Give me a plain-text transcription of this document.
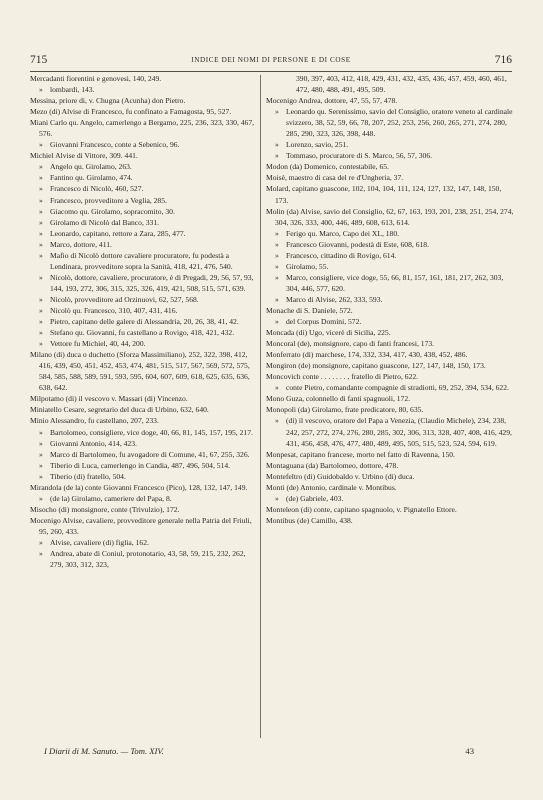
715	INDICE DEI NOMI DI PERSONE E DI COSE	716

Mercadanti fiorentini e genovesi, 140, 249.

» lombardi, 143.

Messina, priore di, v. Chugna (Acunha) don Pietro.

Mezo (di) Alvise di Francesco, fu confinato a Famagosta, 95, 527.

Miani Carlo qu. Angelo, camerlengo a Bergamo, 225, 236, 323, 330, 467, 576.

» Giovanni Francesco, conte a Sebenico, 96.

Michiel Alvise di Vittore, 309. 441.

» Angelo qu. Girolamo, 263.

» Fantino qu. Girolamo, 474.

» Francesco di Nicolò, 460, 527.

» Francesco, provveditore a Veglia, 285.

» Giacomo qu. Girolamo, sopracomito, 30.

» Girolamo di Nicolò dal Banco, 331.

» Leonardo, capitano, rettore a Zara, 285, 477.

» Marco, dottore, 411.

» Mafio di Nicolò dottore cavaliere procuratore, fu podestà a Lendinara, provveditore sopra la Sanità, 418, 421, 476, 540.

» Nicolò, dottore, cavaliere, procuratore, è di Pregadi, 29, 56, 57, 93, 144, 193, 272, 306, 315, 325, 326, 419, 421, 508, 515, 571, 639.

» Nicolò, provveditore ad Orzinuovi, 62, 527, 568.

» Nicolò qu. Francesco, 310, 407, 431, 416.

» Pietro, capitano delle galere di Alessandria, 20, 26, 38, 41, 42.

» Stefano qu. Giovanni, fu castellano a Rovigo, 418, 421, 432.

» Vettore fu Michiel, 40, 44, 200.

Milano (di) duca o duchetto (Sforza Massimiliano), 252, 322, 398, 412, 416, 439, 450, 451, 452, 453, 474, 481, 515, 517, 567, 569, 572, 575, 584, 585, 588, 589, 591, 593, 595, 604, 607, 609, 618, 625, 635, 636, 638, 642.

Milpotamo (di) il vescovo v. Massari (di) Vincenzo.

Miniatello Cesare, segretario del duca di Urbino, 632, 640.

Minio Alessandro, fu castellano, 207, 233.

» Bartolomeo, consigliere, vice doge, 40, 66, 81, 145, 157, 195, 217.

» Giovanni Antonio, 414, 423.

» Marco di Bartolomeo, fu avogadore di Comune, 41, 67, 255, 326.

» Tiberio di Luca, camerlengo in Candia, 487, 496, 504, 514.

» Tiberio (di) fratello, 504.

Mirandola (de la) conte Giovanni Francesco (Pico), 128, 132, 147, 149.

» (de la) Girolamo, cameriere del Papa, 8.

Misocho (di) monsignore, conte (Trivulzio), 172.

Mocenigo Alvise, cavaliere, provveditore generale nella Patria del Friuli, 95, 260, 433.

» Alvise, cavaliere (di) figlia, 162.

» Andrea, abate di Coniul, protonotario, 43, 58, 59, 215, 232, 262, 279, 303, 312, 323,

390, 397, 403, 412, 418, 429, 431, 432, 435, 436, 457, 459, 460, 461, 472, 480, 488, 491, 495, 509.

Mocenigo Andrea, dottore, 47, 55, 57, 478.

» Leonardo qu. Serenissimo, savio del Consiglio, oratore veneto al cardinale svizzero, 38, 52, 59, 66, 78, 207, 252, 253, 256, 260, 265, 271, 274, 280, 285, 290, 323, 326, 398, 448.

» Lorenzo, savio, 251.

» Tommaso, procuratore di S. Marco, 56, 57, 306.

Modon (da) Domenico, contestabile, 65.

Moisè, maestro di casa del re d'Ungheria, 37.

Molard, capitano guascone, 102, 104, 104, 111, 124, 127, 132, 147, 148, 150, 173.

Molin (da) Alvise, savio del Consiglio, 62, 67, 163, 193, 201, 238, 251, 254, 274, 304, 326, 333, 400, 446, 489, 608, 613, 614.

» Ferigo qu. Marco, Capo dei XL, 180.

» Francesco Giovanni, podestà di Este, 608, 618.

» Francesco, cittadino di Rovigo, 614.

» Girolamo, 55.

» Marco, consigliere, vice doge, 55, 66, 81, 157, 161, 181, 217, 262, 303, 304, 446, 577, 620.

» Marco di Alvise, 262, 333, 593.

Monache di S. Daniele, 572.

» del Corpus Domini, 572.

Moncada (di) Ugo, vicerè di Sicilia, 225.

Moncoral (de), monsignore, capo di fanti francesi, 173.

Monferrato (di) marchese, 174, 332, 334, 417, 430, 438, 452, 486.

Mongiron (de) monsignore, capitano guascone, 127, 147, 148, 150, 173.

Moncovich conte . . . . . . . , fratello di Pietro, 622.

» conte Pietro, comandante compagnie di stradiotti, 69, 252, 394, 534, 622.

Mono Guza, colonnello di fanti spagnuoli, 172.

Monopoli (da) Girolamo, frate predicatore, 80, 635.

» (di) il vescovo, oratore del Papa a Venezia, (Claudio Michele), 234, 238, 242, 257, 272, 274, 276, 280, 285, 302, 306, 313, 328, 407, 408, 416, 429, 431, 456, 458, 476, 477, 480, 489, 495, 505, 515, 523, 524, 594, 619.

Monpesat, capitano francese, morto nel fatto di Ravenna, 150.

Montaguana (da) Bartolomeo, dottore, 478.

Montefeltro (di) Guidobaldo v. Urbino (di) duca.

Monti (de) Antonio, cardinale v. Montibus.

» (de) Gabriele, 403.

Monteleon (di) conte, capitano spagnuolo, v. Pignatello Ettore.

Montibus (de) Camillo, 438.

I Diarii di M. Sanuto. — Tom. XIV.	43
